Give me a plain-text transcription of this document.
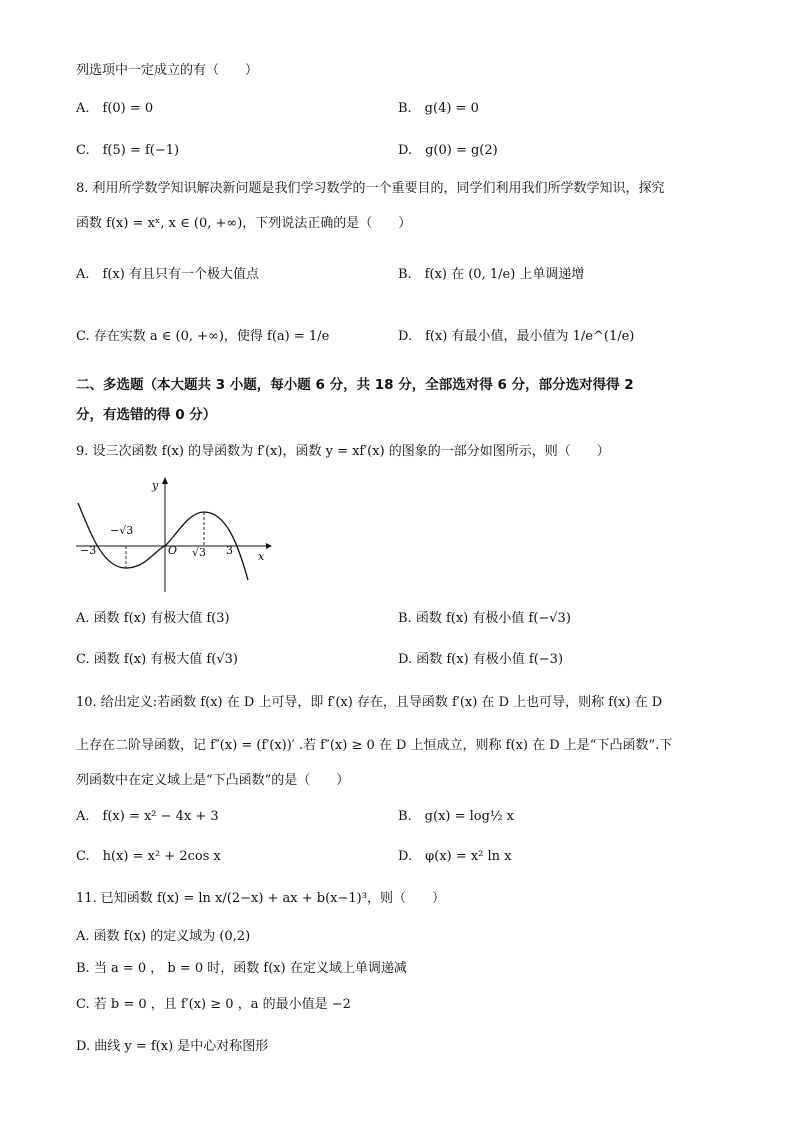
列选项中一定成立的有（　　）
A.　f(0) = 0	B.　g(4) = 0
C.　f(5) = f(−1)	D.　g(0) = g(2)
8. 利用所学数学知识解决新问题是我们学习数学的一个重要目的，同学们利用我们所学数学知识，探究
函数 f(x) = xˣ, x ∈ (0, +∞)，下列说法正确的是（　　）
A.　f(x) 有且只有一个极大值点	B.　f(x) 在 (0, 1/e) 上单调递增
C. 存在实数 a ∈ (0, +∞)，使得 f(a) = 1/e	D.　f(x) 有最小值，最小值为 1/e^(1/e)
二、多选题（本大题共 3 小题，每小题 6 分，共 18 分，全部选对得 6 分，部分选对得得 2
分，有选错的得 0 分）
9. 设三次函数 f(x) 的导函数为 f′(x)，函数 y = xf′(x) 的图象的一部分如图所示，则（　　）
y
x
O
−3
−√3
√3 3
A. 函数 f(x) 有极大值 f(3)	B. 函数 f(x) 有极小值 f(−√3)
C. 函数 f(x) 有极大值 f(√3)	D. 函数 f(x) 有极小值 f(−3)
10. 给出定义:若函数 f(x) 在 D 上可导，即 f′(x) 存在，且导函数 f′(x) 在 D 上也可导，则称 f(x) 在 D
上存在二阶导函数，记 f″(x) = (f′(x))′ .若 f″(x) ≥ 0 在 D 上恒成立，则称 f(x) 在 D 上是“下凸函数”.下
列函数中在定义域上是“下凸函数”的是（　　）
A.　f(x) = x² − 4x + 3	B.　g(x) = log½ x
C.　h(x) = x² + 2cos x	D.　φ(x) = x² ln x
11. 已知函数 f(x) = ln x/(2−x) + ax + b(x−1)³，则（　　）
A. 函数 f(x) 的定义域为 (0,2)
B. 当 a = 0 ， b = 0 时，函数 f(x) 在定义域上单调递减
C. 若 b = 0 ，且 f′(x) ≥ 0 ，a 的最小值是 −2
D. 曲线 y = f(x) 是中心对称图形
